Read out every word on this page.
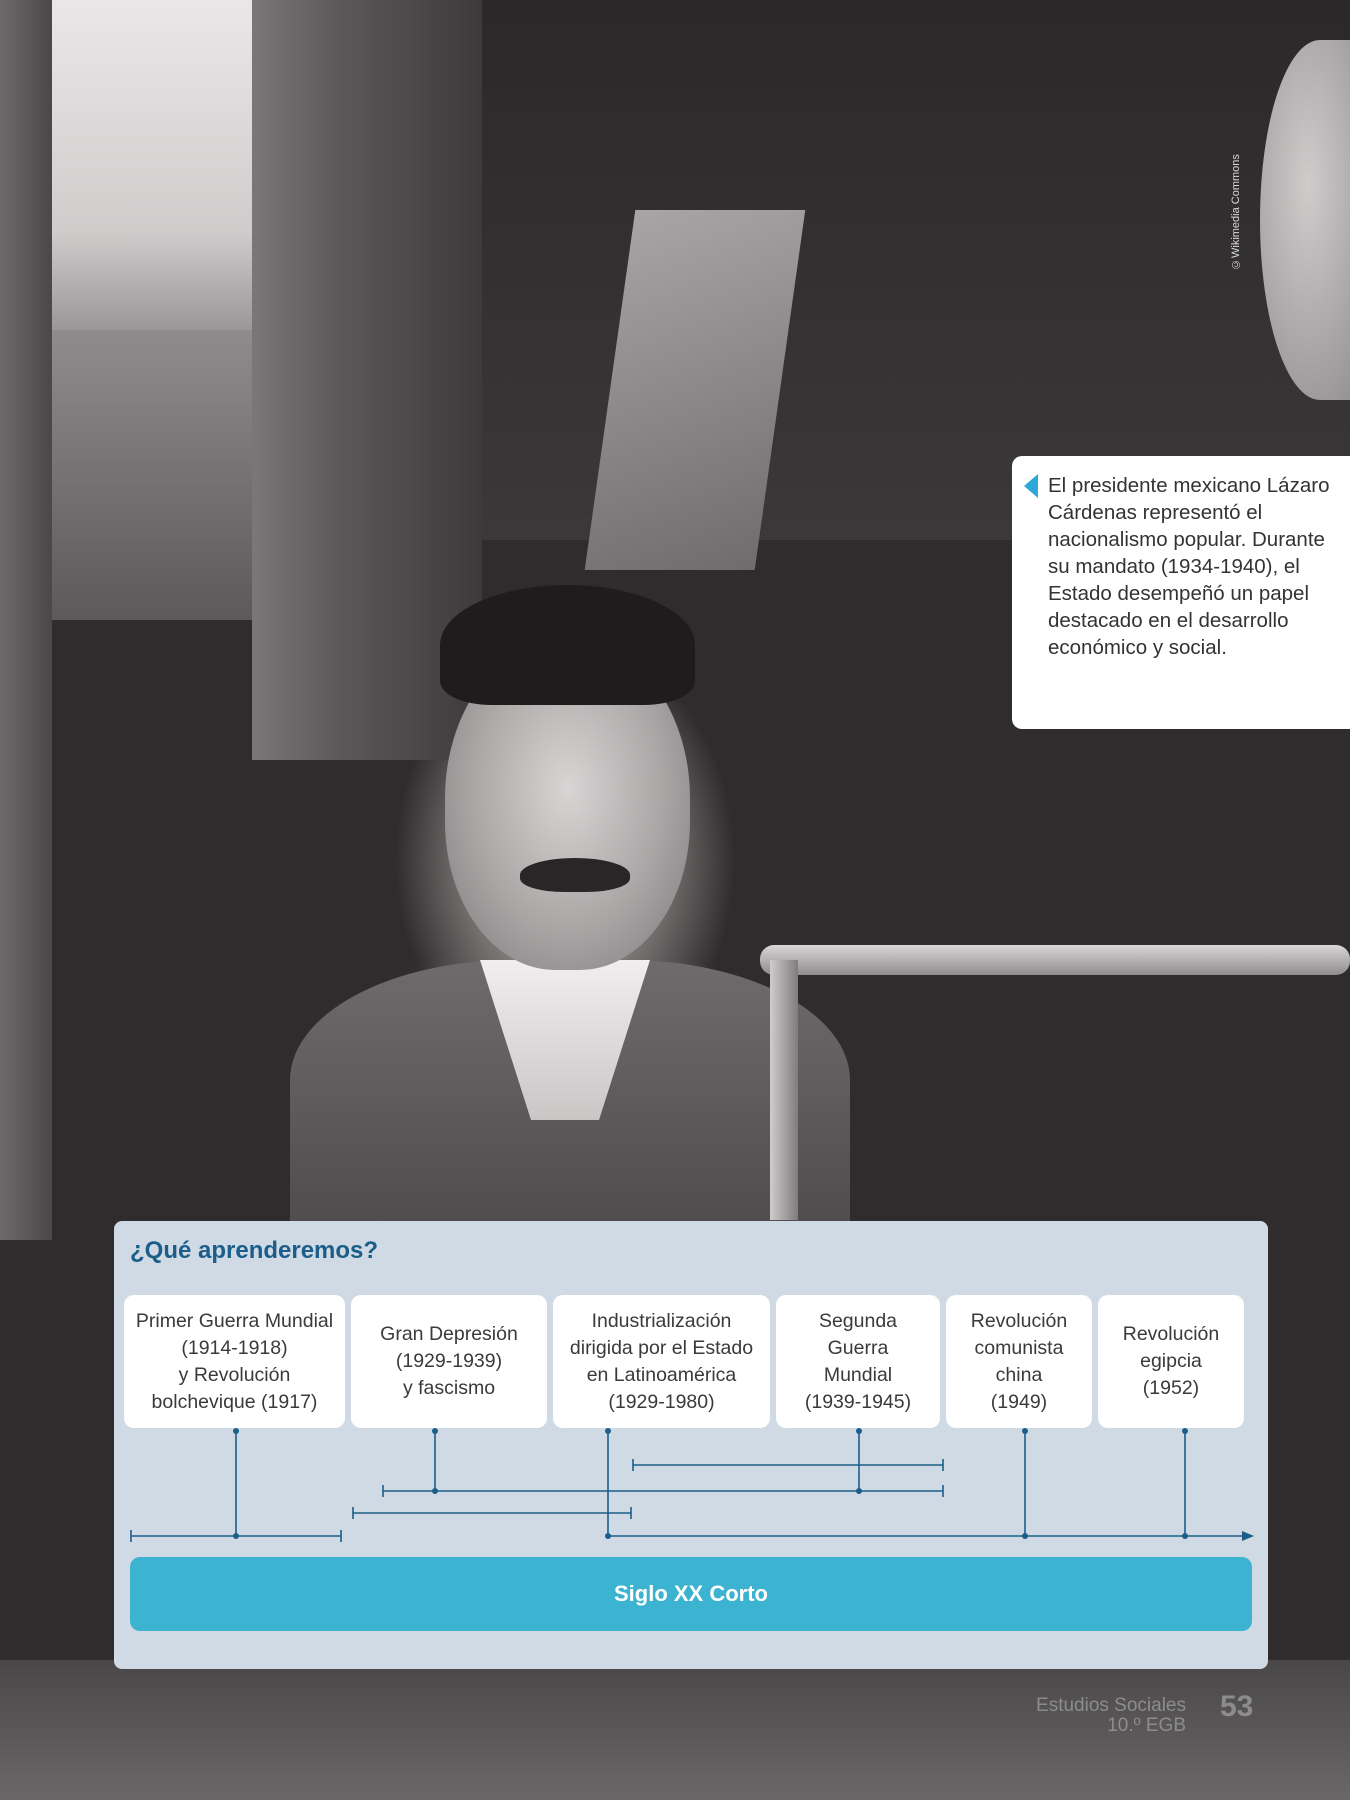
©Wikimedia Commons
El presidente mexicano Lázaro Cárdenas representó el nacionalismo popular. Durante su mandato (1934-1940), el Estado desempeñó un papel destacado en el desarrollo económico y social.
¿Qué aprenderemos?
Primer Guerra Mundial
(1914-1918)
y Revolución
bolchevique (1917)
Gran Depresión
(1929-1939)
y fascismo
Industrialización
dirigida por el Estado
en Latinoamérica
(1929-1980)
Segunda
Guerra
Mundial
(1939-1945)
Revolución
comunista
china
(1949)
Revolución
egipcia
(1952)
Siglo XX Corto
Estudios Sociales
10.º EGB
53
